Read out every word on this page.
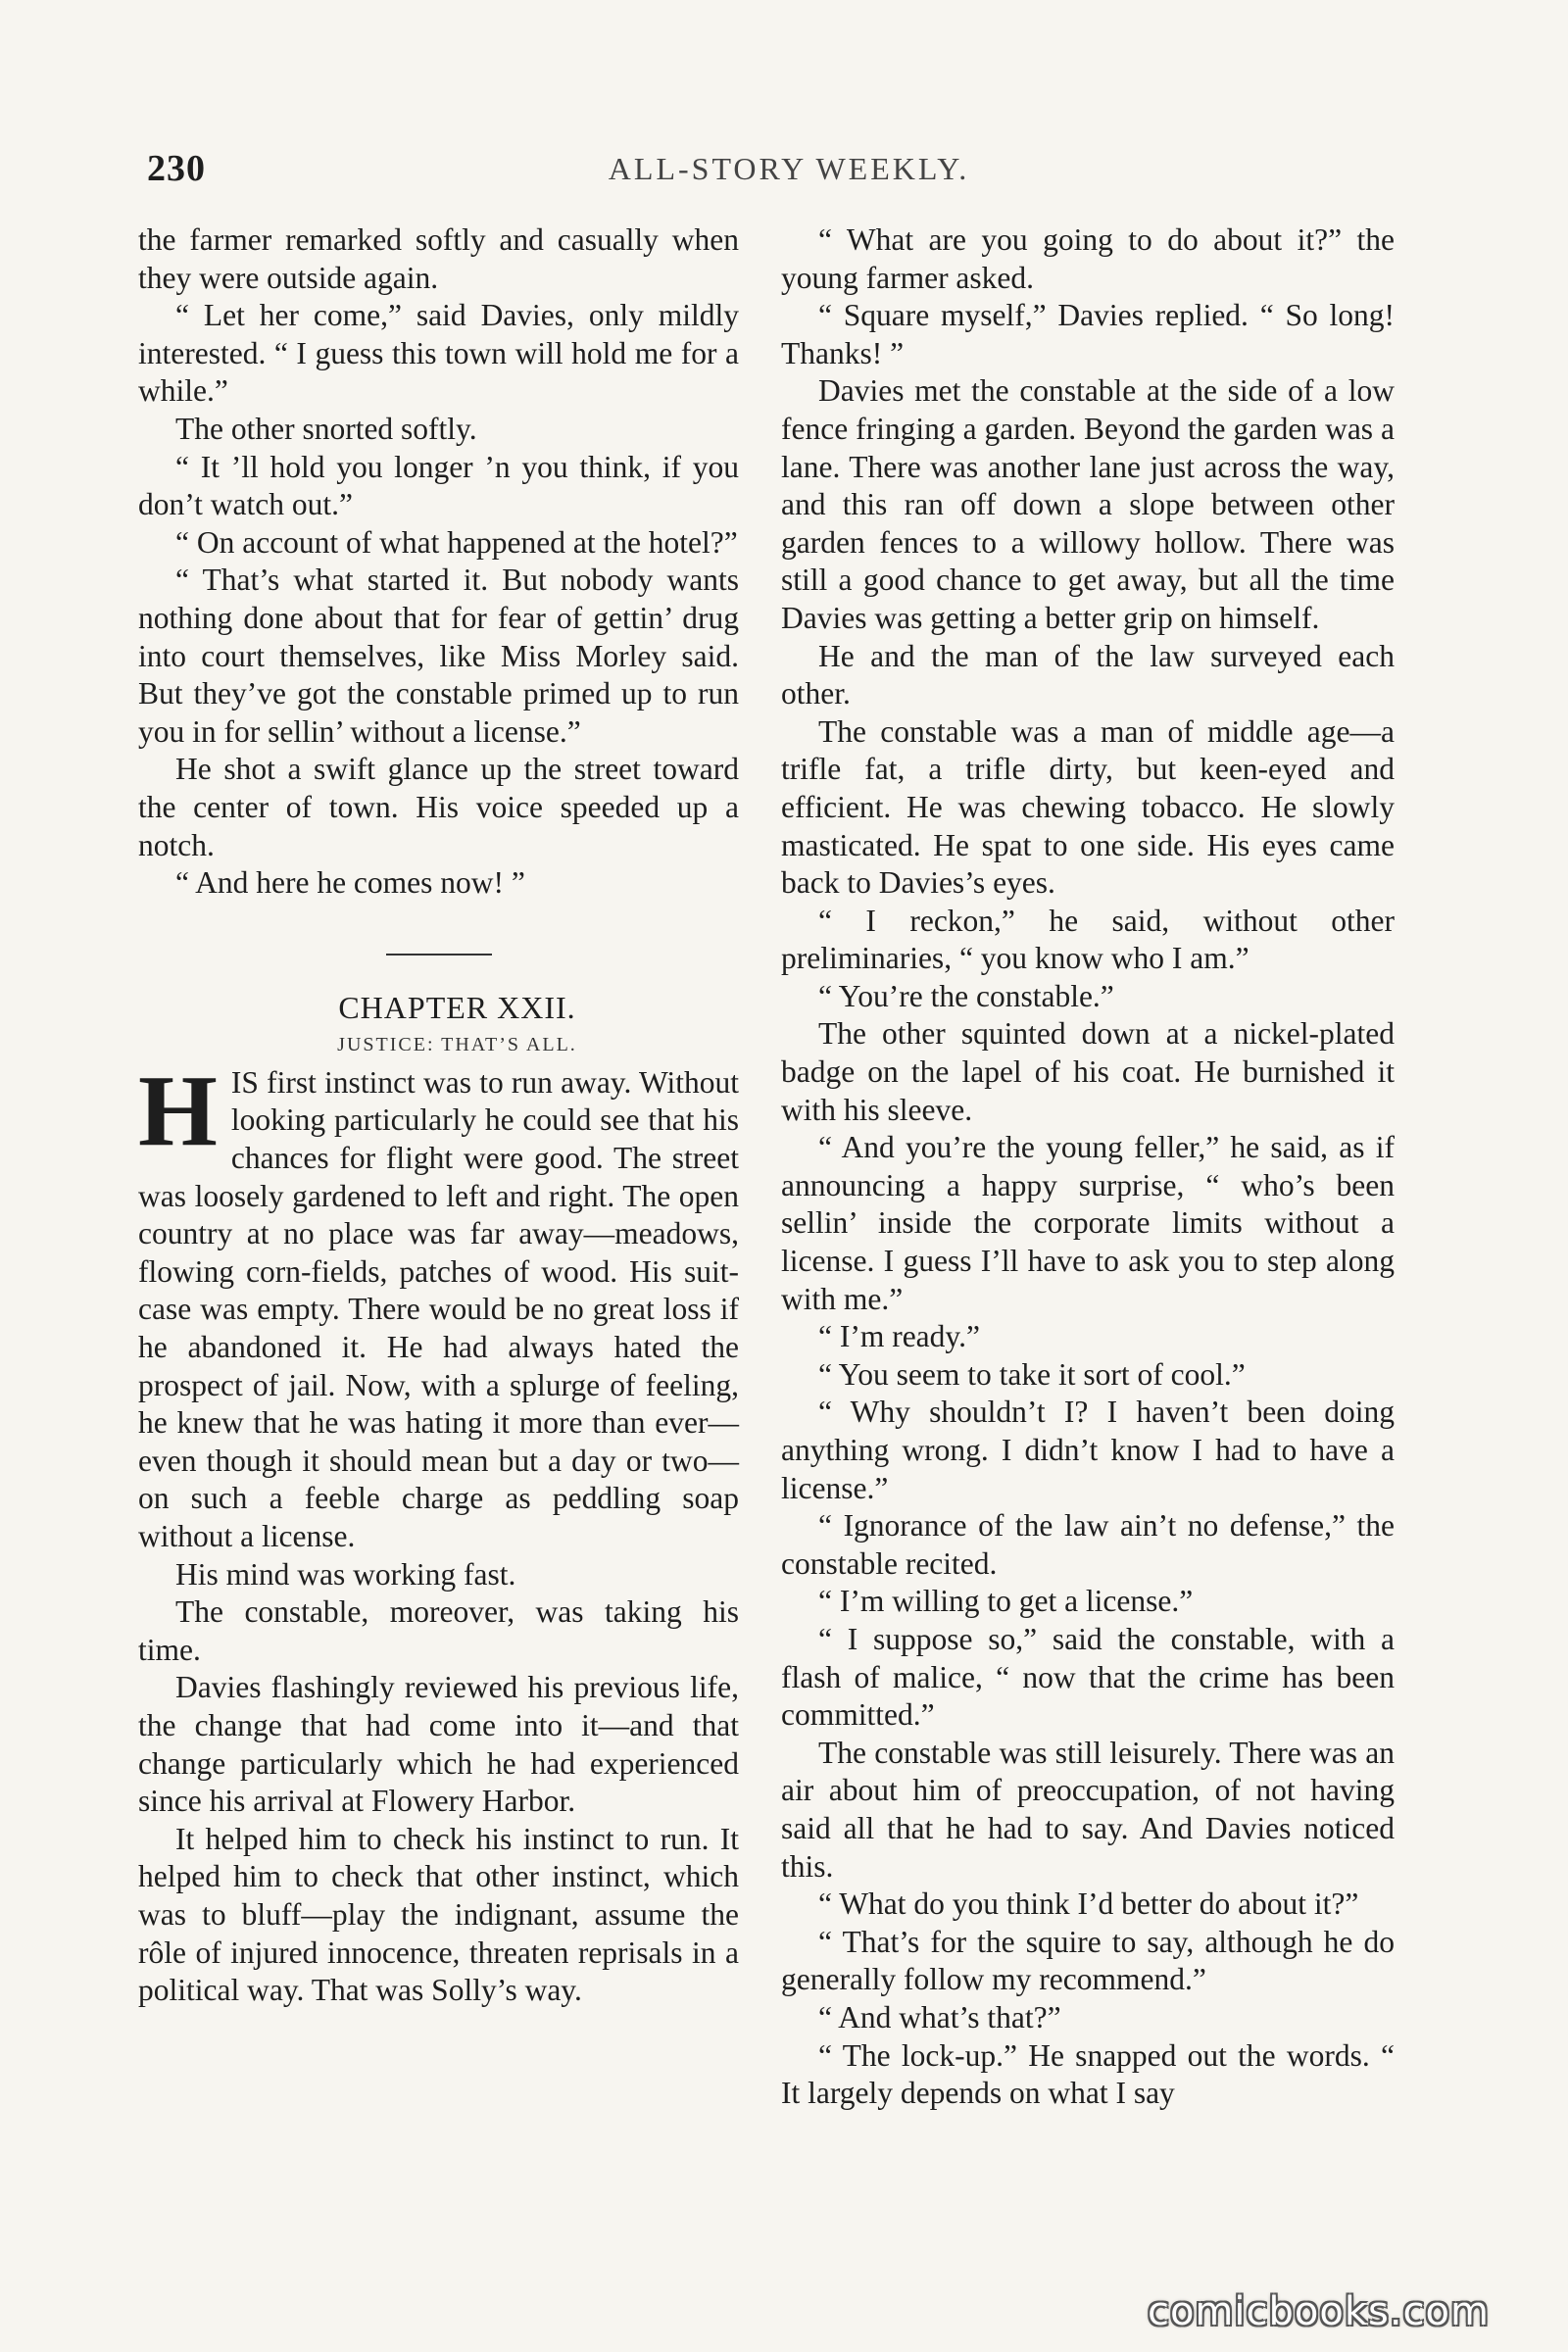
230	ALL-STORY WEEKLY.

the farmer remarked softly and casually when they were outside again.

“ Let her come,” said Davies, only mildly interested. “ I guess this town will hold me for a while.”

The other snorted softly.

“ It ’ll hold you longer ’n you think, if you don’t watch out.”

“ On account of what happened at the hotel?”

“ That’s what started it. But nobody wants nothing done about that for fear of gettin’ drug into court themselves, like Miss Morley said. But they’ve got the constable primed up to run you in for sellin’ without a license.”

He shot a swift glance up the street toward the center of town. His voice speeded up a notch.

“ And here he comes now! ”

CHAPTER XXII.

JUSTICE: THAT’S ALL.

HIS first instinct was to run away. Without looking particularly he could see that his chances for flight were good. The street was loosely gardened to left and right. The open country at no place was far away—meadows, flowing corn-fields, patches of wood. His suit-case was empty. There would be no great loss if he abandoned it. He had always hated the prospect of jail. Now, with a splurge of feeling, he knew that he was hating it more than ever—even though it should mean but a day or two—on such a feeble charge as peddling soap without a license.

His mind was working fast.

The constable, moreover, was taking his time.

Davies flashingly reviewed his previous life, the change that had come into it—and that change particularly which he had experienced since his arrival at Flowery Harbor.

It helped him to check his instinct to run. It helped him to check that other instinct, which was to bluff—play the indignant, assume the rôle of injured innocence, threaten reprisals in a political way. That was Solly’s way.

“ What are you going to do about it?” the young farmer asked.

“ Square myself,” Davies replied. “ So long! Thanks! ”

Davies met the constable at the side of a low fence fringing a garden. Beyond the garden was a lane. There was another lane just across the way, and this ran off down a slope between other garden fences to a willowy hollow. There was still a good chance to get away, but all the time Davies was getting a better grip on himself.

He and the man of the law surveyed each other.

The constable was a man of middle age—a trifle fat, a trifle dirty, but keen-eyed and efficient. He was chewing tobacco. He slowly masticated. He spat to one side. His eyes came back to Davies’s eyes.

“ I reckon,” he said, without other preliminaries, “ you know who I am.”

“ You’re the constable.”

The other squinted down at a nickel-plated badge on the lapel of his coat. He burnished it with his sleeve.

“ And you’re the young feller,” he said, as if announcing a happy surprise, “ who’s been sellin’ inside the corporate limits without a license. I guess I’ll have to ask you to step along with me.”

“ I’m ready.”

“ You seem to take it sort of cool.”

“ Why shouldn’t I? I haven’t been doing anything wrong. I didn’t know I had to have a license.”

“ Ignorance of the law ain’t no defense,” the constable recited.

“ I’m willing to get a license.”

“ I suppose so,” said the constable, with a flash of malice, “ now that the crime has been committed.”

The constable was still leisurely. There was an air about him of preoccupation, of not having said all that he had to say. And Davies noticed this.

“ What do you think I’d better do about it?”

“ That’s for the squire to say, although he do generally follow my recommend.”

“ And what’s that?”

“ The lock-up.” He snapped out the words. “ It largely depends on what I say

comicbooks.com
